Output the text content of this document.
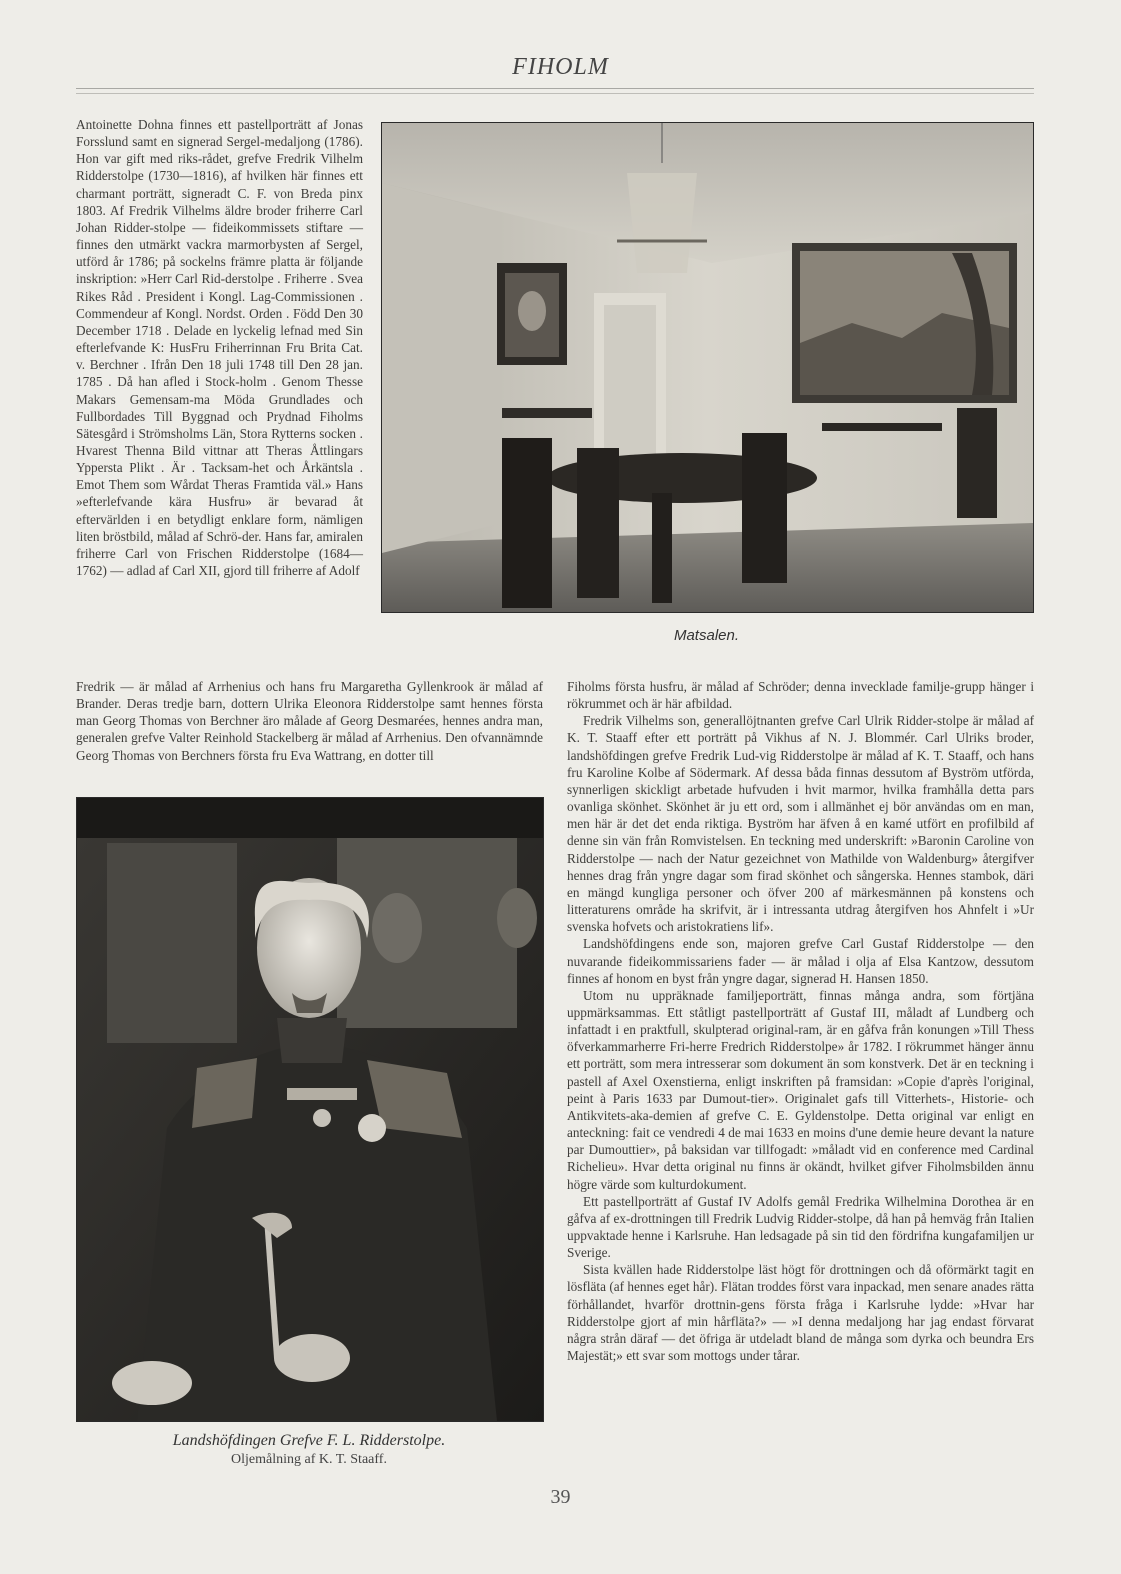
FIHOLM

Antoinette Dohna finnes ett pastellporträtt af Jonas Forsslund samt en signerad Sergel-medaljong (1786). Hon var gift med riks-rådet, grefve Fredrik Vilhelm Ridderstolpe (1730—1816), af hvilken här finnes ett charmant porträtt, signeradt C. F. von Breda pinx 1803. Af Fredrik Vilhelms äldre broder friherre Carl Johan Ridder-stolpe — fideikommissets stiftare — finnes den utmärkt vackra marmorbysten af Sergel, utförd år 1786; på sockelns främre platta är följande inskription: »Herr Carl Rid-derstolpe . Friherre . Svea Rikes Råd . President i Kongl. Lag-Commissionen . Commendeur af Kongl. Nordst. Orden . Född Den 30 December 1718 . Delade en lyckelig lefnad med Sin efterlefvande K: HusFru Friherrinnan Fru Brita Cat. v. Berchner . Ifrån Den 18 juli 1748 till Den 28 jan. 1785 . Då han afled i Stock-holm . Genom Thesse Makars Gemensam-ma Möda Grundlades och Fullbordades Till Byggnad och Prydnad Fiholms Sätesgård i Strömsholms Län, Stora Rytterns socken . Hvarest Thenna Bild vittnar att Theras Åttlingars Yppersta Plikt . Är . Tacksam-het och Årkäntsla . Emot Them som Wårdat Theras Framtida väl.» Hans »efterlefvande kära Husfru» är bevarad åt eftervärlden i en betydligt enklare form, nämligen liten bröstbild, målad af Schrö-der. Hans far, amiralen friherre Carl von Frischen Ridderstolpe (1684—1762) — adlad af Carl XII, gjord till friherre af Adolf

Matsalen.

Fredrik — är målad af Arrhenius och hans fru Margaretha Gyllenkrook är målad af Brander. Deras tredje barn, dottern Ulrika Eleonora Ridderstolpe samt hennes första man Georg Thomas von Berchner äro målade af Georg Desmarées, hennes andra man, generalen grefve Valter Reinhold Stackelberg är målad af Arrhenius. Den ofvannämnde Georg Thomas von Berchners första fru Eva Wattrang, en dotter till

Fiholms första husfru, är målad af Schröder; denna invecklade familje-grupp hänger i rökrummet och är här afbildad.

Fredrik Vilhelms son, generallöjtnanten grefve Carl Ulrik Ridder-stolpe är målad af K. T. Staaff efter ett porträtt på Vikhus af N. J. Blommér. Carl Ulriks broder, landshöfdingen grefve Fredrik Lud-vig Ridderstolpe är målad af K. T. Staaff, och hans fru Karoline Kolbe af Södermark. Af dessa båda finnas dessutom af Byström utförda, synnerligen skickligt arbetade hufvuden i hvit marmor, hvilka framhålla detta pars ovanliga skönhet. Skönhet är ju ett ord, som i allmänhet ej bör användas om en man, men här är det det enda riktiga. Byström har äfven å en kamé utfört en profilbild af denne sin vän från Romvistelsen. En teckning med underskrift: »Baronin Caroline von Ridderstolpe — nach der Natur gezeichnet von Mathilde von Waldenburg» återgifver hennes drag från yngre dagar som firad skönhet och sångerska. Hennes stambok, däri en mängd kungliga personer och öfver 200 af märkesmännen på konstens och litteraturens område ha skrifvit, är i intressanta utdrag återgifven hos Ahnfelt i »Ur svenska hofvets och aristokratiens lif».

Landshöfdingens ende son, majoren grefve Carl Gustaf Ridderstolpe — den nuvarande fideikommissariens fader — är målad i olja af Elsa Kantzow, dessutom finnes af honom en byst från yngre dagar, signerad H. Hansen 1850.

Utom nu uppräknade familjeporträtt, finnas många andra, som förtjäna uppmärksammas. Ett ståtligt pastellporträtt af Gustaf III, måladt af Lundberg och infattadt i en praktfull, skulpterad original-ram, är en gåfva från konungen »Till Thess öfverkammarherre Fri-herre Fredrich Ridderstolpe» år 1782. I rökrummet hänger ännu ett porträtt, som mera intresserar som dokument än som konstverk. Det är en teckning i pastell af Axel Oxenstierna, enligt inskriften på framsidan: »Copie d'après l'original, peint à Paris 1633 par Dumout-tier». Originalet gafs till Vitterhets-, Historie- och Antikvitets-aka-demien af grefve C. E. Gyldenstolpe. Detta original var enligt en anteckning: fait ce vendredi 4 de mai 1633 en moins d'une demie heure devant la nature par Dumouttier», på baksidan var tillfogadt: »måladt vid en conference med Cardinal Richelieu». Hvar detta original nu finns är okändt, hvilket gifver Fiholmsbilden ännu högre värde som kulturdokument.

Ett pastellporträtt af Gustaf IV Adolfs gemål Fredrika Wilhelmina Dorothea är en gåfva af ex-drottningen till Fredrik Ludvig Ridder-stolpe, då han på hemväg från Italien uppvaktade henne i Karlsruhe. Han ledsagade på sin tid den fördrifna kungafamiljen ur Sverige.

Sista kvällen hade Ridderstolpe läst högt för drottningen och då oförmärkt tagit en lösfläta (af hennes eget hår). Flätan troddes först vara inpackad, men senare anades rätta förhållandet, hvarför drottnin-gens första fråga i Karlsruhe lydde: »Hvar har Ridderstolpe gjort af min hårfläta?» — »I denna medaljong har jag endast förvarat några strån däraf — det öfriga är utdeladt bland de många som dyrka och beundra Ers Majestät;» ett svar som mottogs under tårar.

Landshöfdingen Grefve F. L. Ridderstolpe.
Oljemålning af K. T. Staaff.
39
